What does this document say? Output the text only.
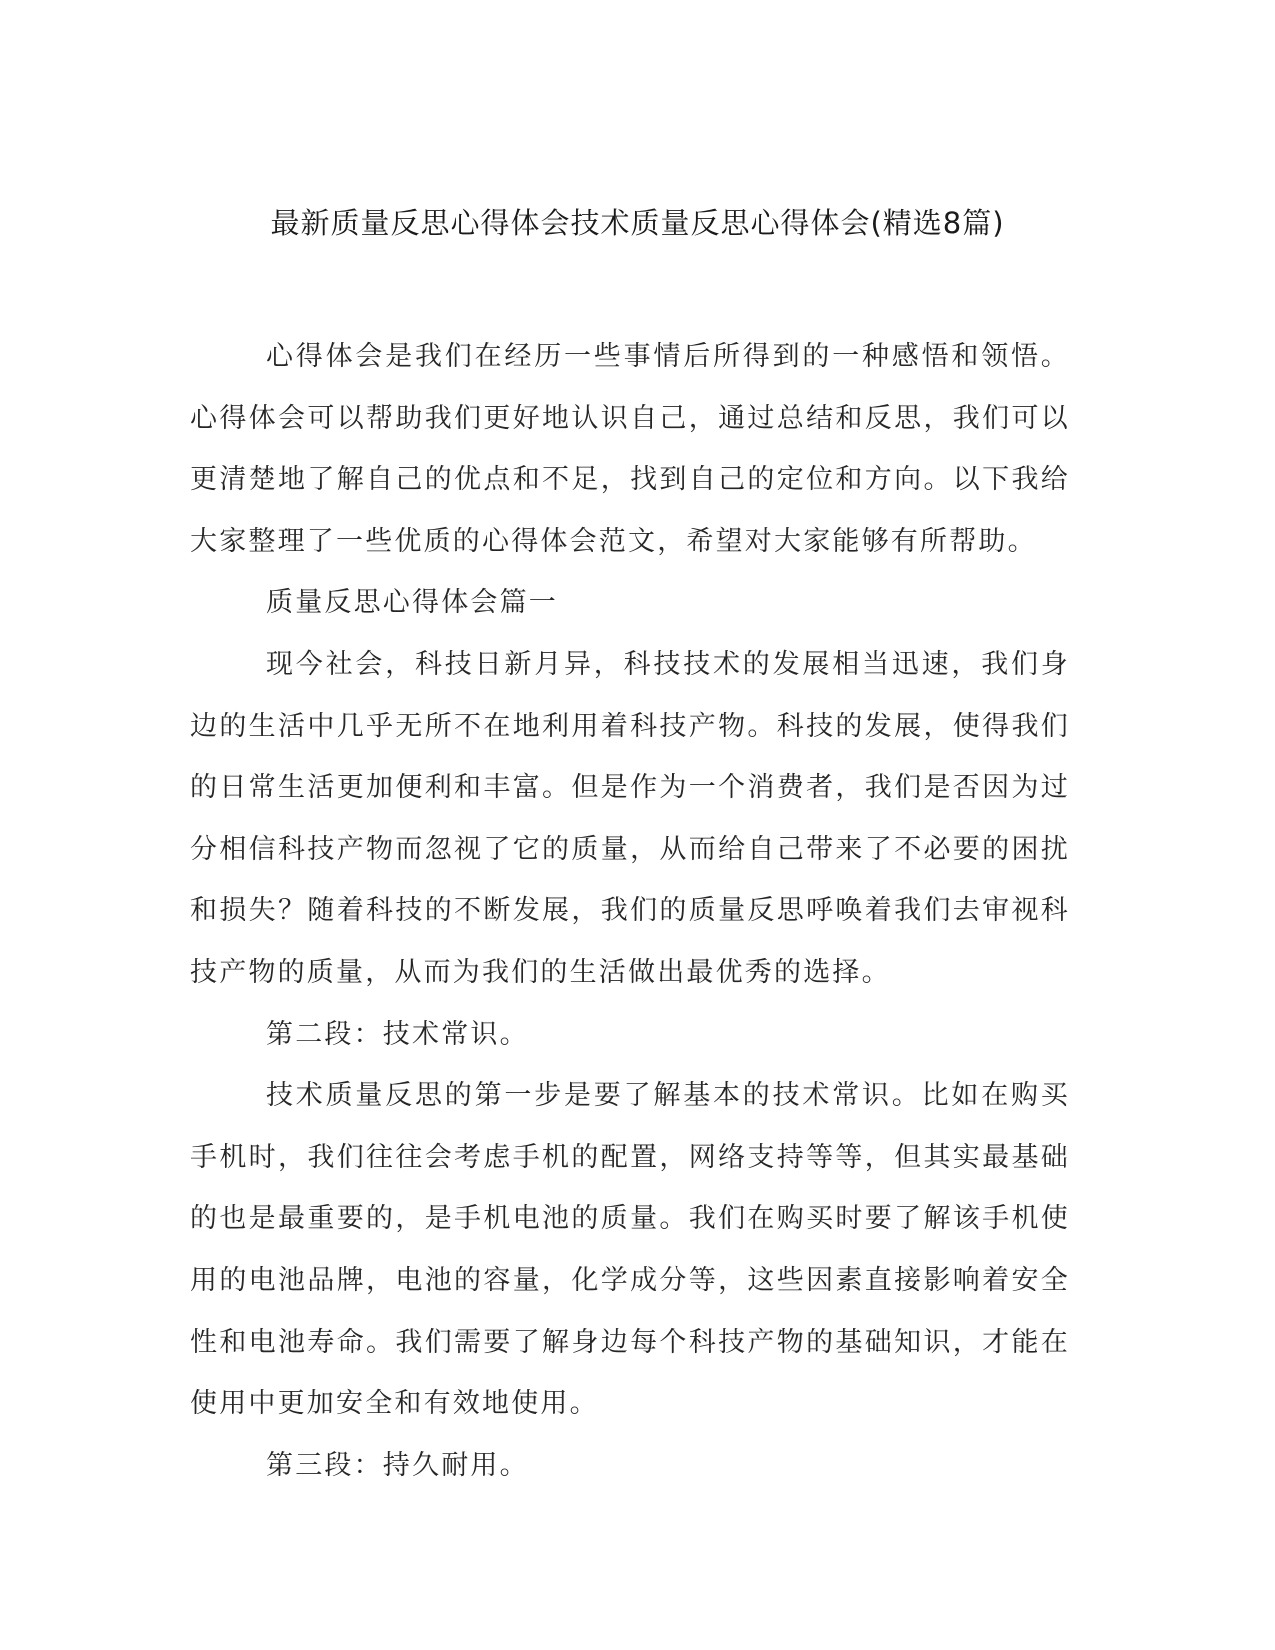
最新质量反思心得体会技术质量反思心得体会(精选8篇)

心得体会是我们在经历一些事情后所得到的一种感悟和领悟。心得体会可以帮助我们更好地认识自己，通过总结和反思，我们可以更清楚地了解自己的优点和不足，找到自己的定位和方向。以下我给大家整理了一些优质的心得体会范文，希望对大家能够有所帮助。

质量反思心得体会篇一

现今社会，科技日新月异，科技技术的发展相当迅速，我们身边的生活中几乎无所不在地利用着科技产物。科技的发展，使得我们的日常生活更加便利和丰富。但是作为一个消费者，我们是否因为过分相信科技产物而忽视了它的质量，从而给自己带来了不必要的困扰和损失？随着科技的不断发展，我们的质量反思呼唤着我们去审视科技产物的质量，从而为我们的生活做出最优秀的选择。

第二段：技术常识。

技术质量反思的第一步是要了解基本的技术常识。比如在购买手机时，我们往往会考虑手机的配置，网络支持等等，但其实最基础的也是最重要的，是手机电池的质量。我们在购买时要了解该手机使用的电池品牌，电池的容量，化学成分等，这些因素直接影响着安全性和电池寿命。我们需要了解身边每个科技产物的基础知识，才能在使用中更加安全和有效地使用。

第三段：持久耐用。
